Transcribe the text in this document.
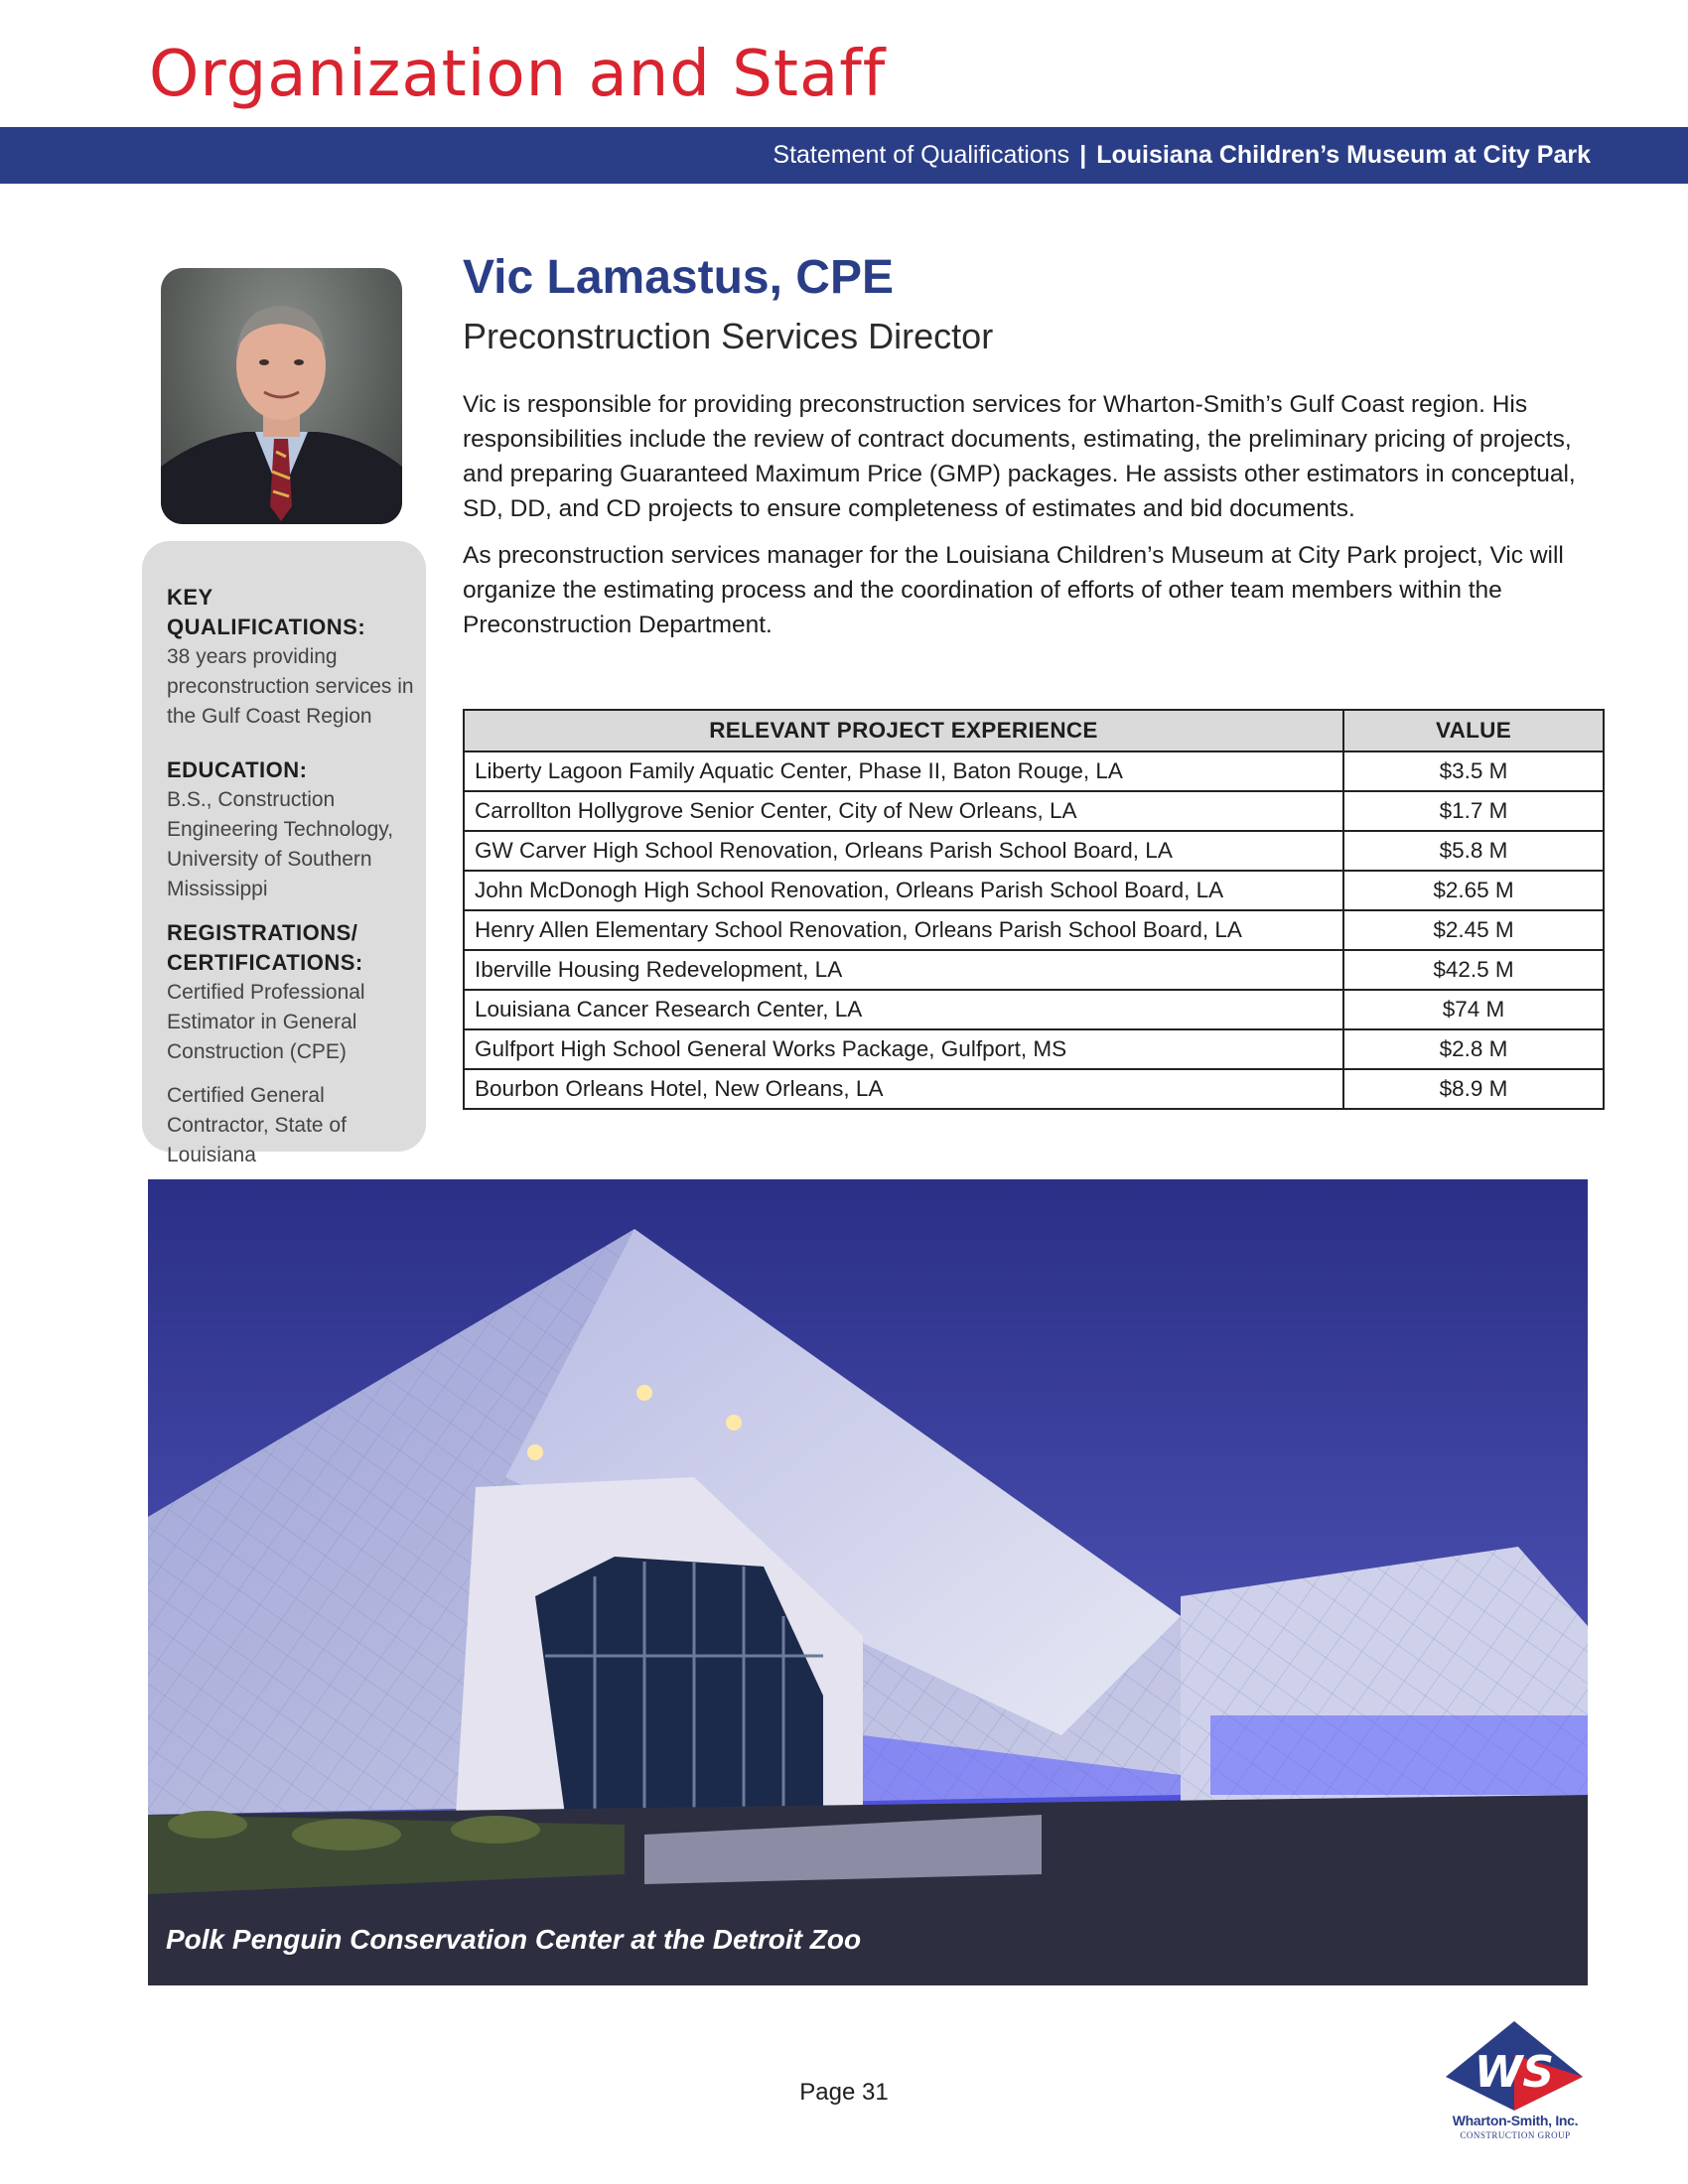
Organization and Staff
Statement of Qualifications | Louisiana Children’s Museum at City Park
KEY QUALIFICATIONS:
38 years providing preconstruction services in the Gulf Coast Region
EDUCATION:
B.S., Construction Engineering Technology, University of Southern Mississippi
REGISTRATIONS/ CERTIFICATIONS:
Certified Professional Estimator in General Construction (CPE)
Certified General Contractor, State of Louisiana
Vic Lamastus, CPE
Preconstruction Services Director

Vic is responsible for providing preconstruction services for Wharton-Smith’s Gulf Coast region. His responsibilities include the review of contract documents, estimating, the preliminary pricing of projects, and preparing Guaranteed Maximum Price (GMP) packages. He assists other estimators in conceptual, SD, DD, and CD projects to ensure completeness of estimates and bid documents.

As preconstruction services manager for the Louisiana Children’s Museum at City Park project, Vic will organize the estimating process and the coordination of efforts of other team members within the Preconstruction Department.

RELEVANT PROJECT EXPERIENCE	VALUE
Liberty Lagoon Family Aquatic Center, Phase II, Baton Rouge, LA	$3.5 M
Carrollton Hollygrove Senior Center, City of New Orleans, LA	$1.7 M
GW Carver High School Renovation, Orleans Parish School Board, LA	$5.8 M
John McDonogh High School Renovation, Orleans Parish School Board, LA	$2.65 M
Henry Allen Elementary School Renovation, Orleans Parish School Board, LA	$2.45 M
Iberville Housing Redevelopment, LA	$42.5 M
Louisiana Cancer Research Center, LA	$74 M
Gulfport High School General Works Package, Gulfport, MS	$2.8 M
Bourbon Orleans Hotel, New Orleans, LA	$8.9 M
Polk Penguin Conservation Center at the Detroit Zoo
Page 31	WS
Wharton-Smith, Inc.
CONSTRUCTION GROUP
